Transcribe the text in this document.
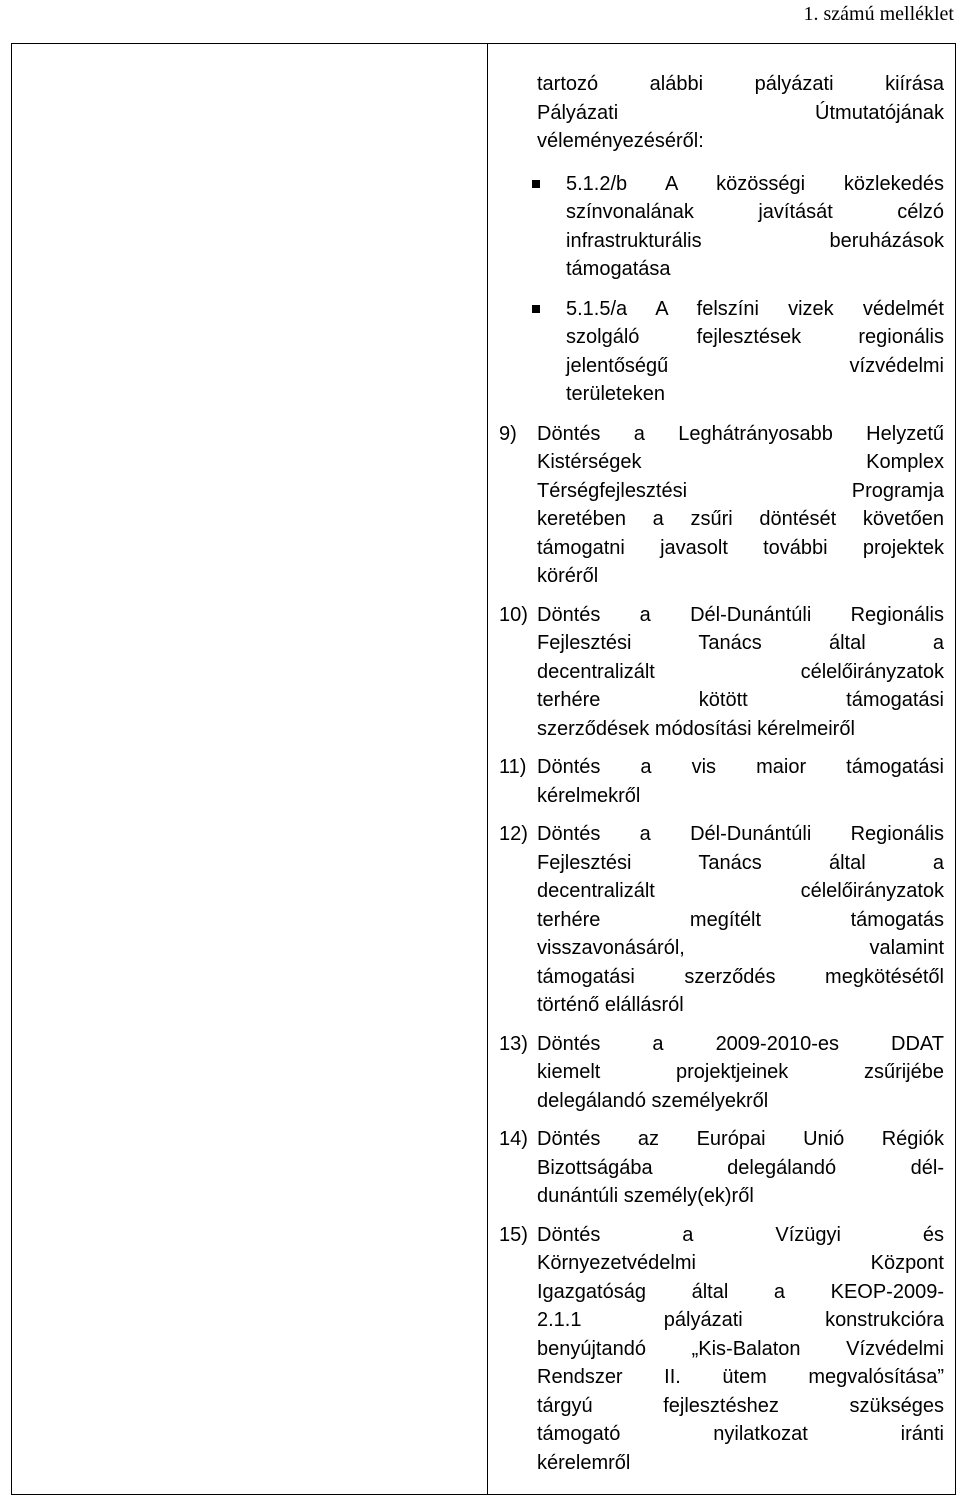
1. számú melléklet
tartozó alábbi pályázati kiírása
Pályázati Útmutatójának
véleményezéséről:
5.1.2/b A közösségi közlekedés
színvonalának javítását célzó
infrastrukturális beruházások
támogatása
5.1.5/a A felszíni vizek védelmét
szolgáló fejlesztések regionális
jelentőségű vízvédelmi
területeken
9) Döntés a Leghátrányosabb Helyzetű
Kistérségek Komplex
Térségfejlesztési Programja
keretében a zsűri döntését követően
támogatni javasolt további projektek
köréről
10) Döntés a Dél-Dunántúli Regionális
Fejlesztési Tanács által a
decentralizált célelőirányzatok
terhére kötött támogatási
szerződések módosítási kérelmeiről
11) Döntés a vis maior támogatási
kérelmekről
12) Döntés a Dél-Dunántúli Regionális
Fejlesztési Tanács által a
decentralizált célelőirányzatok
terhére megítélt támogatás
visszavonásáról, valamint
támogatási szerződés megkötésétől
történő elállásról
13) Döntés a 2009-2010-es DDAT
kiemelt projektjeinek zsűrijébe
delegálandó személyekről
14) Döntés az Európai Unió Régiók
Bizottságába delegálandó dél-
dunántúli személy(ek)ről
15) Döntés a Vízügyi és
Környezetvédelmi Központ
Igazgatóság által a KEOP-2009-
2.1.1 pályázati konstrukcióra
benyújtandó „Kis-Balaton Vízvédelmi
Rendszer II. ütem megvalósítása”
tárgyú fejlesztéshez szükséges
támogató nyilatkozat iránti
kérelemről
